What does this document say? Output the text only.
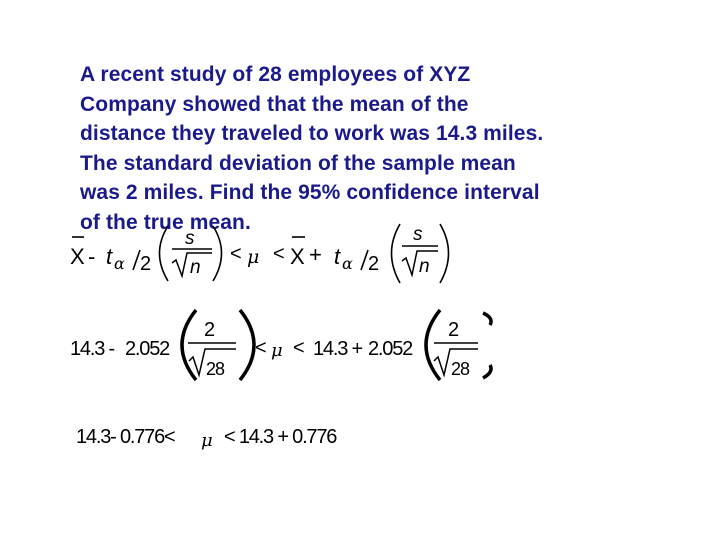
A recent study of 28 employees of XYZ
Company showed that the mean of the
distance they traveled to work was 14.3 miles.
The standard deviation of the sample mean
was 2 miles. Find the 95% confidence interval
of the true mean.
X - t α 2
s
n
< μ < X + t α 2
s
n
14.3 - 2.052
2
28
< μ < 14.3 + 2.052
2
28
14.3- 0.776< μ < 14.3 + 0.776
